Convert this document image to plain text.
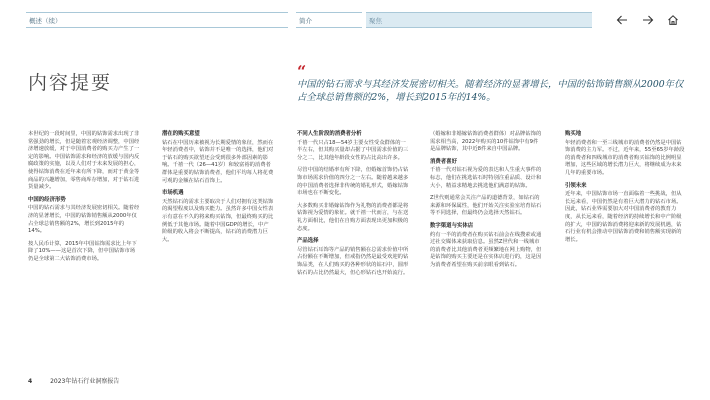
概述（续）	简介	聚焦
内容提要
“
中国的钻石需求与其经济发展密切相关。随着经济的显著增长，中国的钻饰销售额从2000年仅占全球总销售额的2%，增长到2015年的14%。

本世纪的一段时间里，中国的钻饰需求出现了非常强劲的增长，但是随着宏观经济调整，中国经济增速放缓，对于中国消费者的购买力产生了一定的影响。中国钻饰需求和经济的放缓与国内反腐政策的实施，以及人们对于未来发展的担心，使得钻饰消费在近年来有所下降，而对于黄金等商品的兴趣增加，零售商库存增加，对于钻石进货量减少。

中国的经济形势

中国的钻石需求与其经济发展密切相关。随着经济的显著增长，中国的钻饰销售额从2000年仅占全球总销售额的2%，增长到2015年的14%。

按人民币计算，2015年中国钻饰需求比上年下降了10%——这是首次下降，但中国钻饰市场仍是全球第二大钻饰消费市场。

潜在的购买意望

钻石在中国历来被视为长期爱情的象征，然而在年轻消费者中，钻饰并不是唯一的选择，他们对于钻石的购买欲望还会受到很多外部因素的影响。千禧一代（26—41岁）和较富裕的消费者群体是重要的钻饰消费者，他们平均每人将花费可观的金额在钻石首饰上。

市场机遇

天然钻石的需求主要取决于人们对拥有这类钻饰的渴望程度以及购买能力。虽然许多中国女性表示有意在不久的将来购买钻饰，但最终购买的比例低于其他市场。随着中国GDP的增长，中产阶级的收入将会不断提高，钻石的消费潜力巨大。

不同人生阶段的消费者分析

千禧一代只占18—54岁主要女性受众群体的一半左右，但其购买量却占据了中国需求价值的三分之二，比其他年龄段女性的占比高出许多。

尽管中国的结婚率有所下降，但婚嫁首饰仍占钻饰市场需求价值的四分之一左右。随着越来越多的中国消费者选择非传统的婚礼形式，婚嫁钻饰市场也在不断变化。

大多数购买非婚嫁钻饰作为礼物的消费者都是将钻饰视为爱情的象征。就千禧一代而言，与在送礼方面相比，他们在自购方面表现出更加积极的态度。

产品选择

尽管钻石耳饰等产品的销售额在总需求价值中所占份额在不断增加，但戒指仍然是最受欢迎的钻饰品类，在人们购买的各种形状的钻石中，圆形钻石的占比仍然最大，但心形钻石也开始流行。

（婚嫁和非婚嫁钻饰消费者群体）对品牌钻饰的需求相当高，2022年购买的10件钻饰中有9件是品牌钻饰，其中近8件来自中国品牌。

消费者喜好

千禧一代对钻石视为爱的表达和人生重大事件的标志，他们在挑选钻石时特别注重品质、设计和大小，精益求精地去挑选他们满意的钻饰。

Z世代则通常会关注产品的道德背景，如钻石的来源和环保属性，他们开始关注实验室培育钻石等不同选择，但最终仍会选择天然钻石。

数字渠道与实体店

约有一半的消费者在购买钻石前会在线搜索或通过社交媒体来获取信息。虽然Z世代和一线城市的消费者比其他消费者更频繁地在网上购物，但是钻饰的购买主要还是在实体店进行的，这是因为消费者希望在购买前亲眼看到钻石。

购买地

年轻消费者和一至三线城市的消费者仍然是中国钻饰消费的主力军。不过，近年来，55至65岁年龄段的消费者和四线城市的消费者购买钻饰的比例明显增加，这些区域的增长潜力巨大，将继续成为未来几年的重要市场。

引领未来

近年来，中国钻饰市场一直面临着一些挑战，但从长远来看，中国仍然是有着巨大潜力的钻石市场。因此，钻石业界需要加大对中国消费者的教育力度，从长远来看，随着经济的持续增长和中产阶级的扩大，中国的钻饰消费将迎来新的发展机遇，钻石行业有机会推动中国钻饰消费和销售额实现新的增长。

4	2023年钻石行业洞察报告
